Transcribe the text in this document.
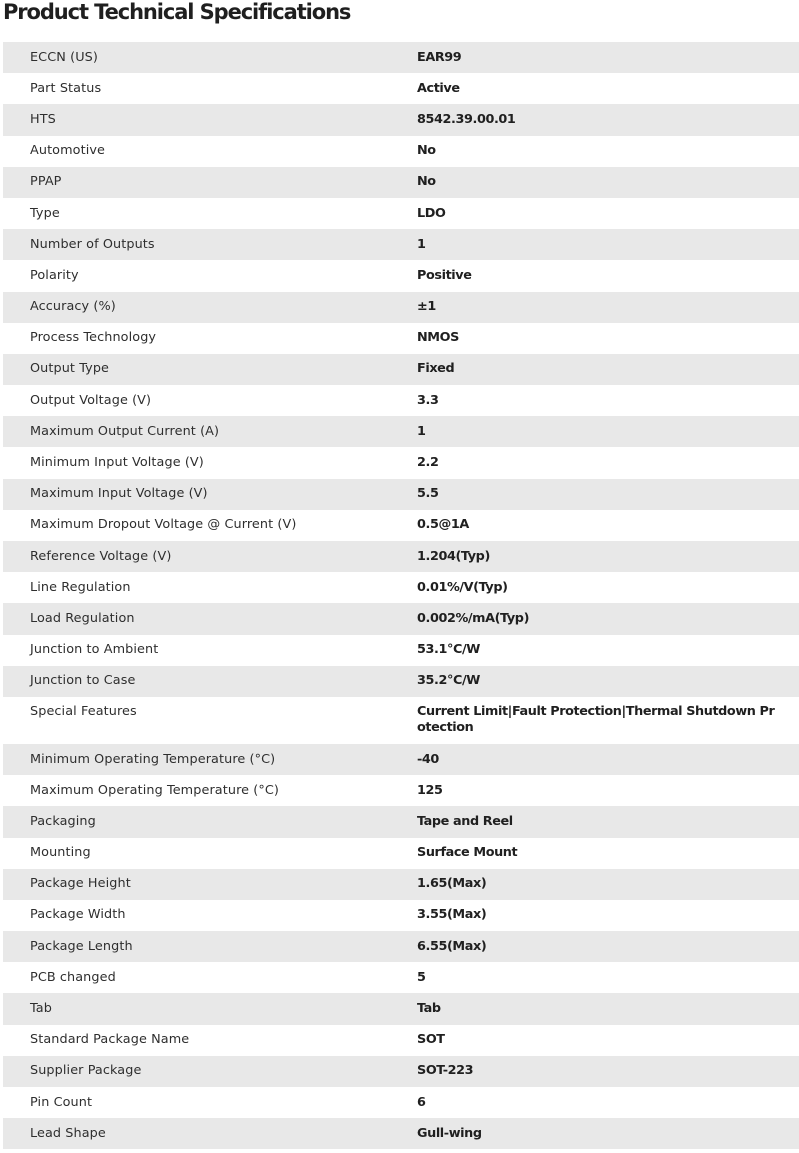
Product Technical Specifications
ECCN (US)	EAR99
Part Status	Active
HTS	8542.39.00.01
Automotive	No
PPAP	No
Type	LDO
Number of Outputs	1
Polarity	Positive
Accuracy (%)	±1
Process Technology	NMOS
Output Type	Fixed
Output Voltage (V)	3.3
Maximum Output Current (A)	1
Minimum Input Voltage (V)	2.2
Maximum Input Voltage (V)	5.5
Maximum Dropout Voltage @ Current (V)	0.5@1A
Reference Voltage (V)	1.204(Typ)
Line Regulation	0.01%/V(Typ)
Load Regulation	0.002%/mA(Typ)
Junction to Ambient	53.1°C/W
Junction to Case	35.2°C/W
Special Features	Current Limit|Fault Protection|Thermal Shutdown Protection
Minimum Operating Temperature (°C)	-40
Maximum Operating Temperature (°C)	125
Packaging	Tape and Reel
Mounting	Surface Mount
Package Height	1.65(Max)
Package Width	3.55(Max)
Package Length	6.55(Max)
PCB changed	5
Tab	Tab
Standard Package Name	SOT
Supplier Package	SOT-223
Pin Count	6
Lead Shape	Gull-wing
